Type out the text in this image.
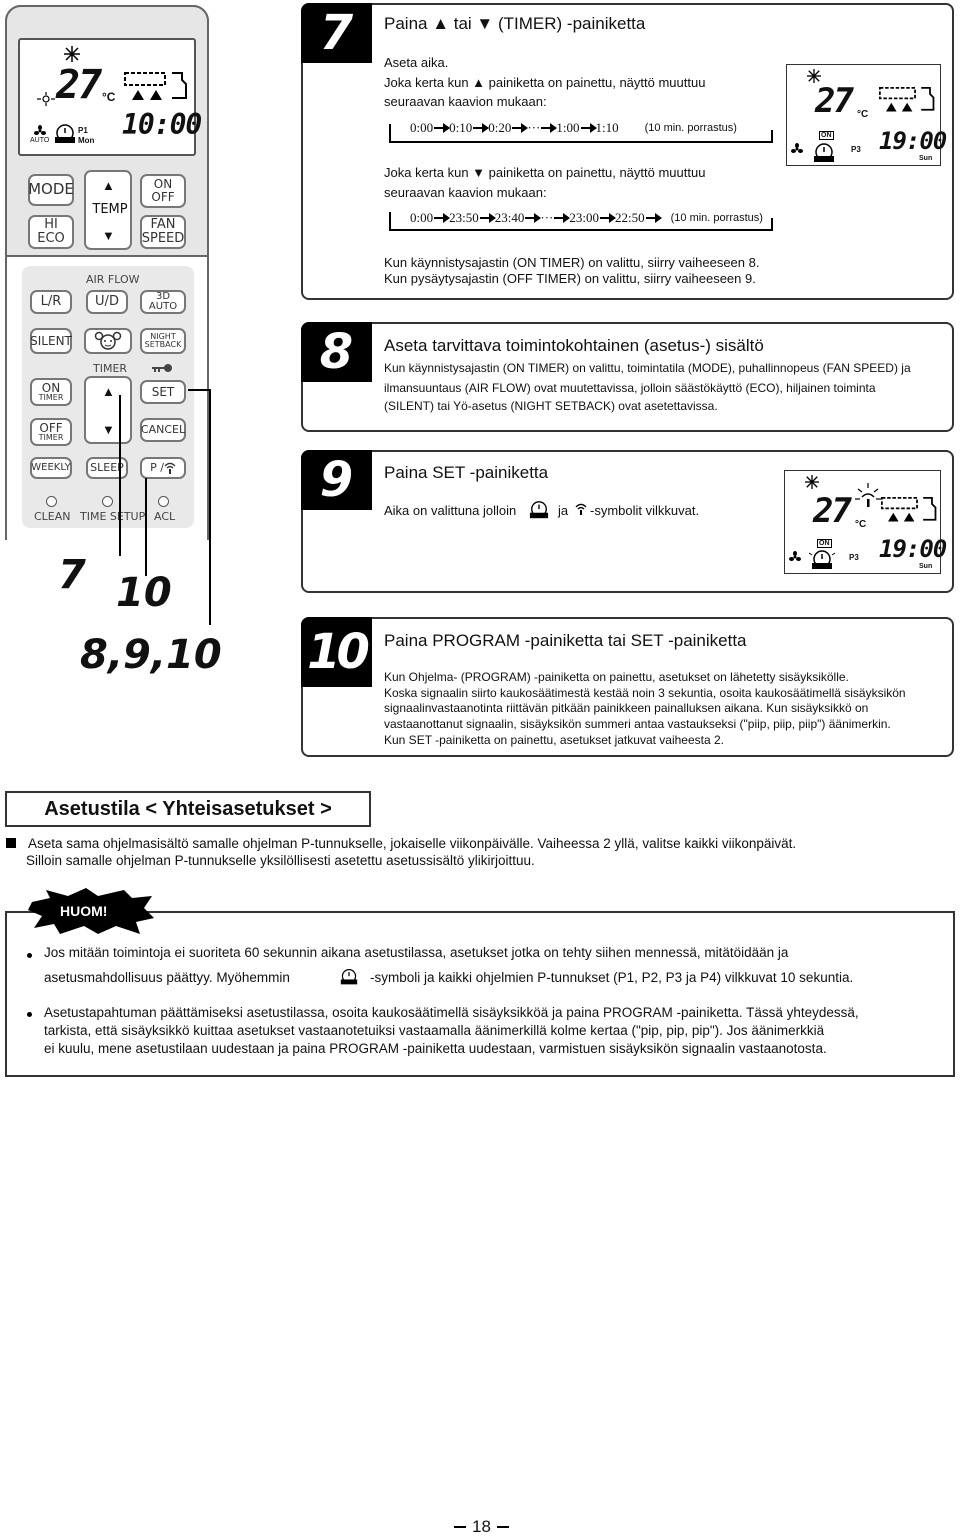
27 °C
AUTO
P1
Mon 10:00
MODE
HI
ECO
▲
TEMP
▼
ON
OFF
FAN
SPEED
AIR FLOW
L/R	U/D	3D AUTO
SILENT	NIGHT
SETBACK
TIMER
ON
TIMER
OFF
TIMER
▲
▼
SET
CANCEL
WEEKLY	SLEEP	P /
CLEAN TIME SETUP ACL
7 10
8,9,10
7	Paina ▲ tai ▼ (TIMER) -painiketta
Aseta aika.
Joka kerta kun ▲ painiketta on painettu, näyttö muuttuu
seuraavan kaavion mukaan:
0:00 0:10 0:20 ··· 1:00 1:10 (10 min. porrastus)
Joka kerta kun ▼ painiketta on painettu, näyttö muuttuu
seuraavan kaavion mukaan:
0:00 23:50 23:40 ··· 23:00 22:50 (10 min. porrastus)
Kun käynnistysajastin (ON TIMER) on valittu, siirry vaiheeseen 8.
Kun pysäytysajastin (OFF TIMER) on valittu, siirry vaiheeseen 9.
27 °C
ON
P3 19:00
Sun
8	Aseta tarvittava toimintokohtainen (asetus-) sisältö
Kun käynnistysajastin (ON TIMER) on valittu, toimintatila (MODE), puhallinnopeus (FAN SPEED) ja
ilmansuuntaus (AIR FLOW) ovat muutettavissa, jolloin säästökäyttö (ECO), hiljainen toiminta
(SILENT) tai Yö-asetus (NIGHT SETBACK) ovat asetettavissa.
9	Paina SET -painiketta
Aika on valittuna jolloin	ja -symbolit vilkkuvat.	27 °C
ON
P3 19:00
Sun
10	Paina PROGRAM -painiketta tai SET -painiketta
Kun Ohjelma- (PROGRAM) -painiketta on painettu, asetukset on lähetetty sisäyksikölle.
Koska signaalin siirto kaukosäätimestä kestää noin 3 sekuntia, osoita kaukosäätimellä sisäyksikön
signaalinvastaanotinta riittävän pitkään painikkeen painalluksen aikana. Kun sisäyksikkö on
vastaanottanut signaalin, sisäyksikön summeri antaa vastaukseksi ("piip, piip, piip") äänimerkin.
Kun SET -painiketta on painettu, asetukset jatkuvat vaiheesta 2.
Asetustila < Yhteisasetukset >
Aseta sama ohjelmasisältö samalle ohjelman P-tunnukselle, jokaiselle viikonpäivälle. Vaiheessa 2 yllä, valitse kaikki viikonpäivät.
Silloin samalle ohjelman P-tunnukselle yksilöllisesti asetettu asetussisältö ylikirjoittuu.
HUOM!
Jos mitään toimintoja ei suoriteta 60 sekunnin aikana asetustilassa, asetukset jotka on tehty siihen mennessä, mitätöidään ja
asetusmahdollisuus päättyy. Myöhemmin	-symboli ja kaikki ohjelmien P-tunnukset (P1, P2, P3 ja P4) vilkkuvat 10 sekuntia.
Asetustapahtuman päättämiseksi asetustilassa, osoita kaukosäätimellä sisäyksikköä ja paina PROGRAM -painiketta. Tässä yhteydessä,
tarkista, että sisäyksikkö kuittaa asetukset vastaanotetuiksi vastaamalla äänimerkillä kolme kertaa ("pip, pip, pip"). Jos äänimerkkiä
ei kuulu, mene asetustilaan uudestaan ja paina PROGRAM -painiketta uudestaan, varmistuen sisäyksikön signaalin vastaanotosta.
18
